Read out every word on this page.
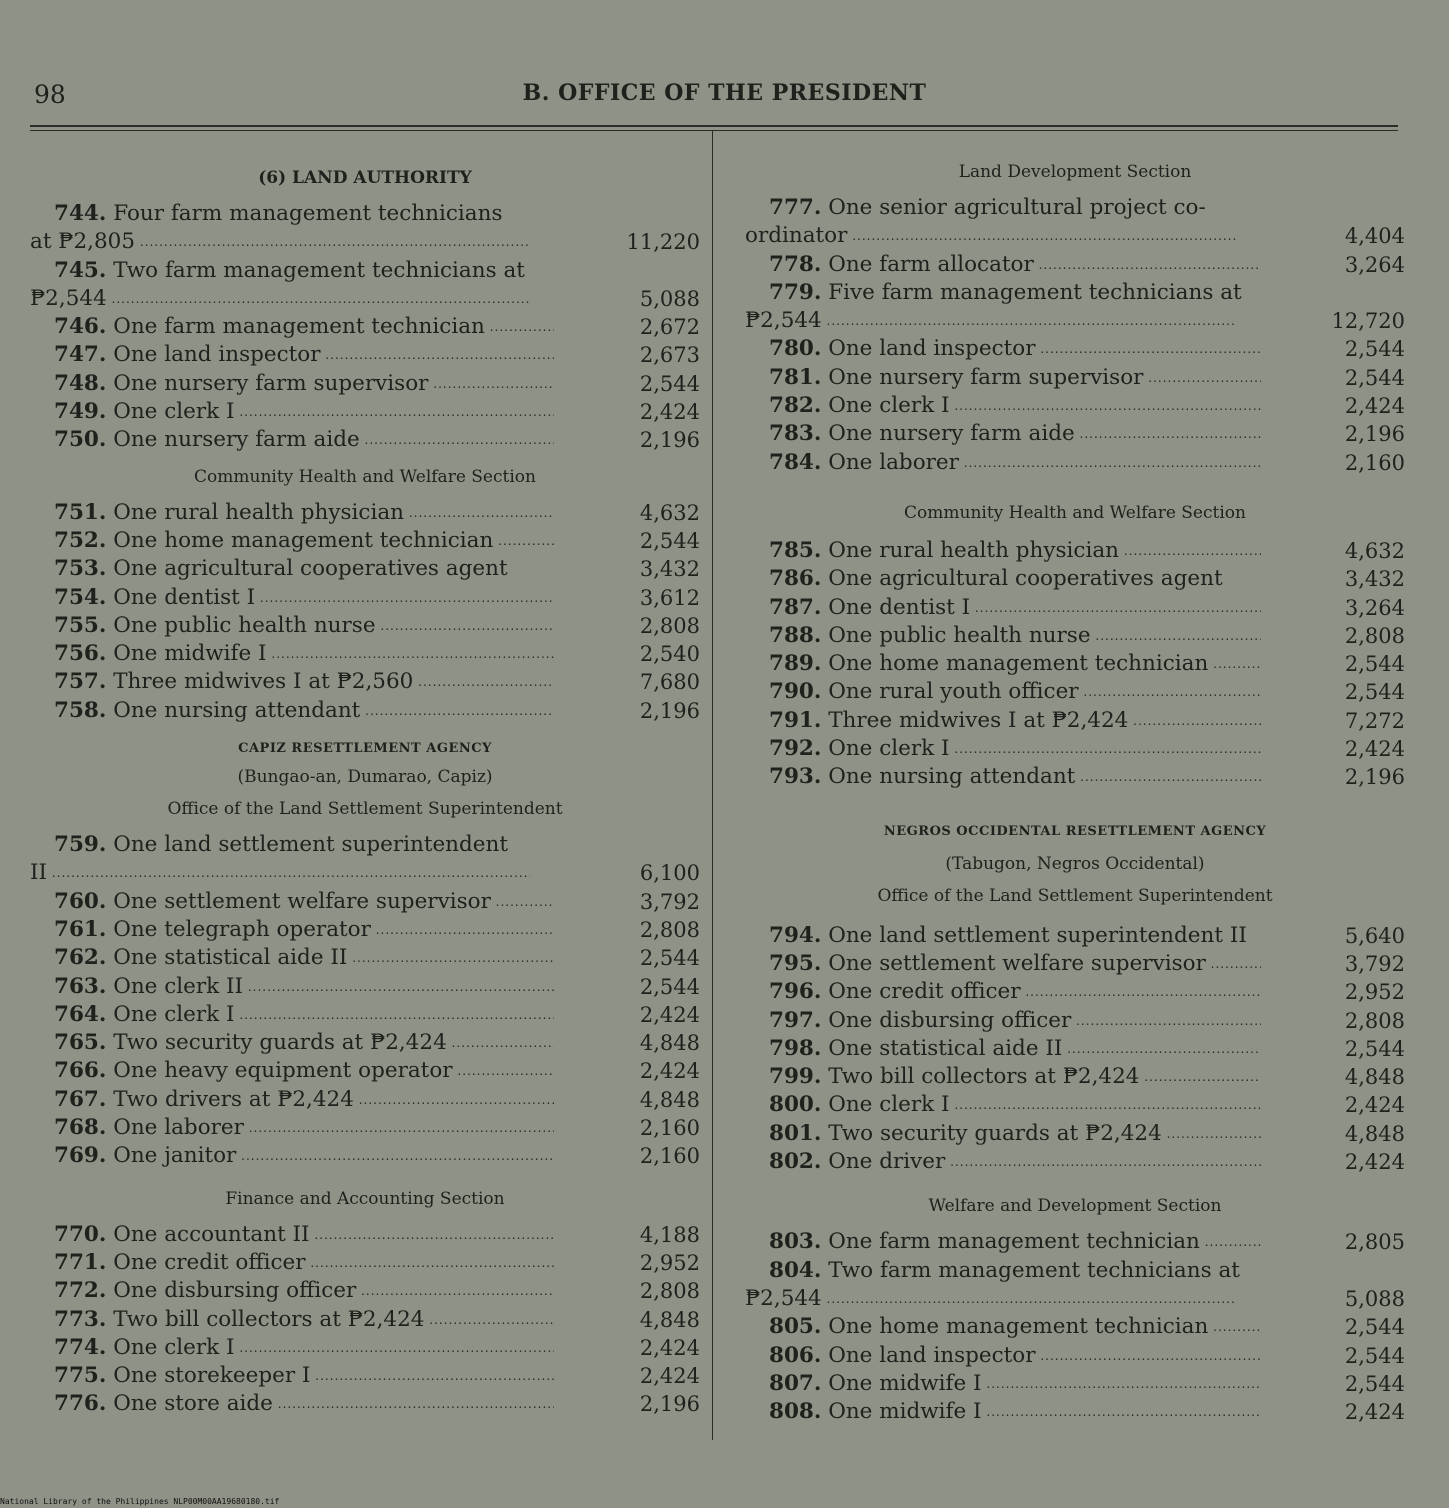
98	B. OFFICE OF THE PRESIDENT
(6) LAND AUTHORITY
744. Four farm management technicians
at ₱2,805 .....	11,220
745. Two farm management technicians at
₱2,544 .....	5,088
746. One farm management technician .....	2,672
747. One land inspector .....	2,673
748. One nursery farm supervisor .....	2,544
749. One clerk I .....	2,424
750. One nursery farm aide .....	2,196
Community Health and Welfare Section
751. One rural health physician .....	4,632
752. One home management technician .....	2,544
753. One agricultural cooperatives agent	3,432
754. One dentist I .....	3,612
755. One public health nurse .....	2,808
756. One midwife I .....	2,540
757. Three midwives I at ₱2,560 .....	7,680
758. One nursing attendant .....	2,196
CAPIZ RESETTLEMENT AGENCY
(Bungao-an, Dumarao, Capiz)
Office of the Land Settlement Superintendent
759. One land settlement superintendent
II .....	6,100
760. One settlement welfare supervisor .....	3,792
761. One telegraph operator .....	2,808
762. One statistical aide II .....	2,544
763. One clerk II .....	2,544
764. One clerk I .....	2,424
765. Two security guards at ₱2,424 .....	4,848
766. One heavy equipment operator .....	2,424
767. Two drivers at ₱2,424 .....	4,848
768. One laborer .....	2,160
769. One janitor .....	2,160
Finance and Accounting Section
770. One accountant II .....	4,188
771. One credit officer .....	2,952
772. One disbursing officer .....	2,808
773. Two bill collectors at ₱2,424 .....	4,848
774. One clerk I .....	2,424
775. One storekeeper I .....	2,424
776. One store aide .....	2,196
Land Development Section
777. One senior agricultural project co-
ordinator .....	4,404
778. One farm allocator .....	3,264
779. Five farm management technicians at
₱2,544 .....	12,720
780. One land inspector .....	2,544
781. One nursery farm supervisor .....	2,544
782. One clerk I .....	2,424
783. One nursery farm aide .....	2,196
784. One laborer .....	2,160
Community Health and Welfare Section
785. One rural health physician .....	4,632
786. One agricultural cooperatives agent	3,432
787. One dentist I .....	3,264
788. One public health nurse .....	2,808
789. One home management technician .....	2,544
790. One rural youth officer .....	2,544
791. Three midwives I at ₱2,424 .....	7,272
792. One clerk I .....	2,424
793. One nursing attendant .....	2,196
NEGROS OCCIDENTAL RESETTLEMENT AGENCY
(Tabugon, Negros Occidental)
Office of the Land Settlement Superintendent
794. One land settlement superintendent II	5,640
795. One settlement welfare supervisor .....	3,792
796. One credit officer .....	2,952
797. One disbursing officer .....	2,808
798. One statistical aide II .....	2,544
799. Two bill collectors at ₱2,424 .....	4,848
800. One clerk I .....	2,424
801. Two security guards at ₱2,424 .....	4,848
802. One driver .....	2,424
Welfare and Development Section
803. One farm management technician .....	2,805
804. Two farm management technicians at
₱2,544 .....	5,088
805. One home management technician .....	2,544
806. One land inspector .....	2,544
807. One midwife I .....	2,544
808. One midwife I .....	2,424
National Library of the Philippines NLP00M00AA19680180.tif
